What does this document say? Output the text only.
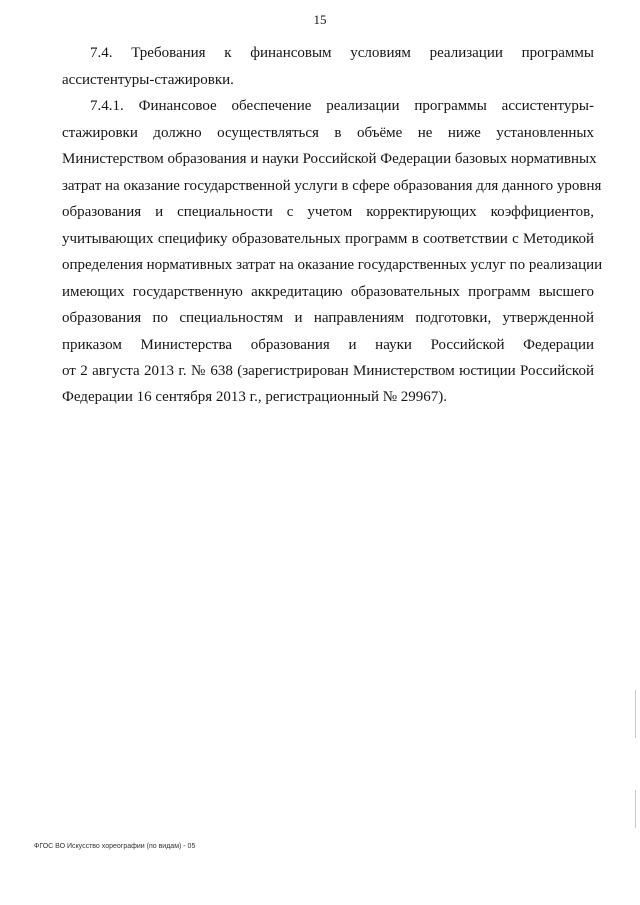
15
7.4. Требования к финансовым условиям реализации программы
ассистентуры-стажировки.
7.4.1. Финансовое обеспечение реализации программы ассистентуры-
стажировки должно осуществляться в объёме не ниже установленных
Министерством образования и науки Российской Федерации базовых нормативных
затрат на оказание государственной услуги в сфере образования для данного уровня
образования и специальности с учетом корректирующих коэффициентов,
учитывающих специфику образовательных программ в соответствии с Методикой
определения нормативных затрат на оказание государственных услуг по реализации
имеющих государственную аккредитацию образовательных программ высшего
образования по специальностям и направлениям подготовки, утвержденной
приказом Министерства образования и науки Российской Федерации
от 2 августа 2013 г. № 638 (зарегистрирован Министерством юстиции Российской
Федерации 16 сентября 2013 г., регистрационный № 29967).
ФГОС ВО Искусство хореографии (по видам) - 05
